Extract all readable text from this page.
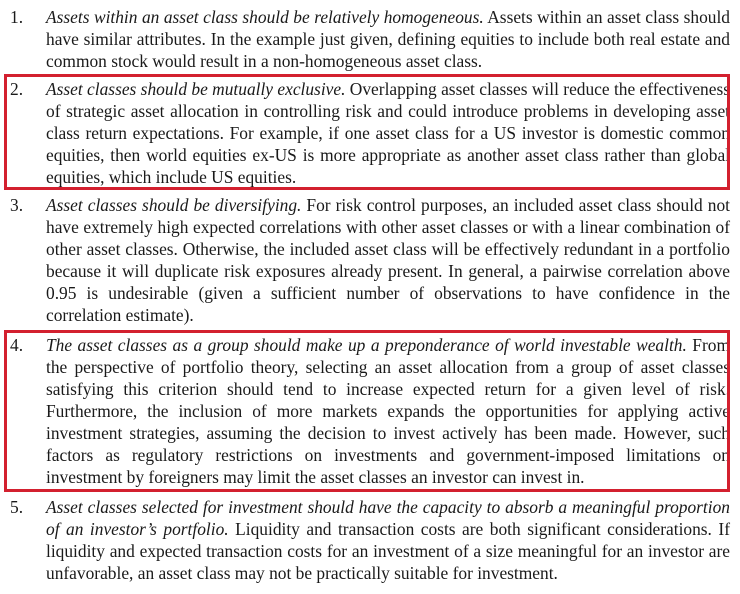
1.	Assets within an asset class should be relatively homogeneous. Assets within an asset class should have similar attributes. In the example just given, defining equities to include both real estate and common stock would result in a non-homogeneous asset class.
2.	Asset classes should be mutually exclusive. Overlapping asset classes will reduce the effectiveness of strategic asset allocation in controlling risk and could introduce problems in developing asset class return expectations. For example, if one asset class for a US investor is domestic common equities, then world equities ex-US is more appropriate as another asset class rather than global equities, which include US equities.
3.	Asset classes should be diversifying. For risk control purposes, an included asset class should not have extremely high expected correlations with other asset classes or with a linear combination of other asset classes. Otherwise, the included asset class will be effectively redundant in a portfolio because it will duplicate risk exposures already present. In general, a pairwise correlation above 0.95 is undesirable (given a sufficient number of observations to have confidence in the correlation estimate).
4.	The asset classes as a group should make up a preponderance of world investable wealth. From the perspective of portfolio theory, selecting an asset allocation from a group of asset classes satisfying this criterion should tend to increase expected return for a given level of risk. Furthermore, the inclusion of more markets expands the opportunities for applying active investment strategies, assuming the decision to invest actively has been made. However, such factors as regulatory restrictions on investments and government-imposed limitations on investment by foreigners may limit the asset classes an investor can invest in.
5.	Asset classes selected for investment should have the capacity to absorb a meaningful proportion of an investor’s portfolio. Liquidity and transaction costs are both significant considerations. If liquidity and expected transaction costs for an investment of a size meaningful for an investor are unfavorable, an asset class may not be practically suitable for investment.
